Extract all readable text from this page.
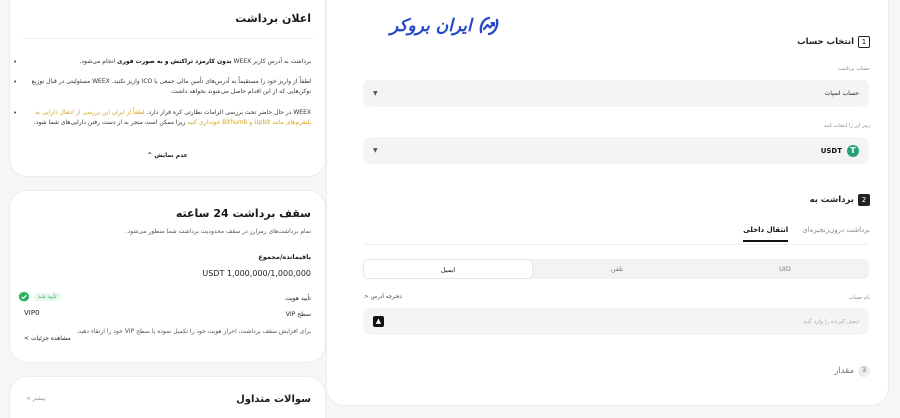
اعلان برداشت
برداشت به آدرس کاربر WEEX بدون کارمزد تراکنش و به صورت فوری انجام می‌شود. •
لطفاً از واریز خود را مستقیماً به آدرس‌های تأمین مالی جمعی یا ICO واریز نکنید. WEEX مسئولیتی در قبال توزیع توکن‌هایی که از این اقدام حاصل می‌شوند نخواهد داشت. •
WEEX در حال حاضر تحت بررسی الزامات نظارتی کره قرار دارد. لطفاً از ایران این بررسی از انتقال دارایی به پلتفرم‌های مانند Upbit و Bithumb خودداری کنید زیرا ممکن است منجر به از دست رفتن دارایی‌های شما شود. •
عدم نمایش ^
سقف برداشت 24 ساعته
تمام برداشت‌های رمزارز در سقف محدودیت برداشت شما منظور می‌شود.
باقیمانده/مجموع
USDT 1,000,000/1,000,000
تأیید هویت
سطح VIP
VIP0
برای افزایش سقف برداشت، احراز هویت خود را تکمیل نموده یا سطح VIP خود را ارتقاء دهید.
مشاهده جزئیات >
تأیید شد
سوالات متداول
< بیشتر
ایران بروکر
1
انتخاب حساب
حساب برداشت
▼	حساب اسپات
رمز ارز را انتخاب کنید
▼	USDT	T
2
برداشت به
برداشت درون‌زنجیره‌ای
انتقال داخلی
ایمیل	تلفن	UID
نام حساب
دفترچه آدرس
<
▲
ایمیل گیرنده را وارد کنید
3
مقدار
